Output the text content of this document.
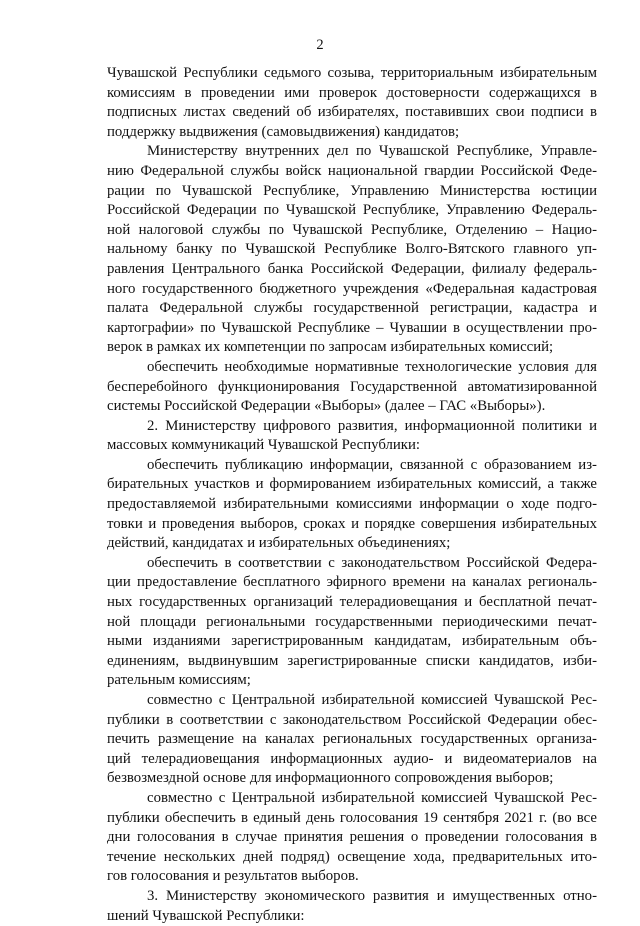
2
Чувашской Республики седьмого созыва, территориальным избирательным
комиссиям в проведении ими проверок достоверности содержащихся в
подписных листах сведений об избирателях, поставивших свои подписи в
поддержку выдвижения (самовыдвижения) кандидатов;
Министерству внутренних дел по Чувашской Республике, Управле-
нию Федеральной службы войск национальной гвардии Российской Феде-
рации по Чувашской Республике, Управлению Министерства юстиции
Российской Федерации по Чувашской Республике, Управлению Федераль-
ной налоговой службы по Чувашской Республике, Отделению – Нацио-
нальному банку по Чувашской Республике Волго-Вятского главного уп-
равления Центрального банка Российской Федерации, филиалу федераль-
ного государственного бюджетного учреждения «Федеральная кадастровая
палата Федеральной службы государственной регистрации, кадастра и
картографии» по Чувашской Республике – Чувашии в осуществлении про-
верок в рамках их компетенции по запросам избирательных комиссий;
обеспечить необходимые нормативные технологические условия для
бесперебойного функционирования Государственной автоматизированной
системы Российской Федерации «Выборы» (далее – ГАС «Выборы»).
2. Министерству цифрового развития, информационной политики и
массовых коммуникаций Чувашской Республики:
обеспечить публикацию информации, связанной с образованием из-
бирательных участков и формированием избирательных комиссий, а также
предоставляемой избирательными комиссиями информации о ходе подго-
товки и проведения выборов, сроках и порядке совершения избирательных
действий, кандидатах и избирательных объединениях;
обеспечить в соответствии с законодательством Российской Федера-
ции предоставление бесплатного эфирного времени на каналах региональ-
ных государственных организаций телерадиовещания и бесплатной печат-
ной площади региональными государственными периодическими печат-
ными изданиями зарегистрированным кандидатам, избирательным объ-
единениям, выдвинувшим зарегистрированные списки кандидатов, изби-
рательным комиссиям;
совместно с Центральной избирательной комиссией Чувашской Рес-
публики в соответствии с законодательством Российской Федерации обес-
печить размещение на каналах региональных государственных организа-
ций телерадиовещания информационных аудио- и видеоматериалов на
безвозмездной основе для информационного сопровождения выборов;
совместно с Центральной избирательной комиссией Чувашской Рес-
публики обеспечить в единый день голосования 19 сентября 2021 г. (во все
дни голосования в случае принятия решения о проведении голосования в
течение нескольких дней подряд) освещение хода, предварительных ито-
гов голосования и результатов выборов.
3. Министерству экономического развития и имущественных отно-
шений Чувашской Республики:
